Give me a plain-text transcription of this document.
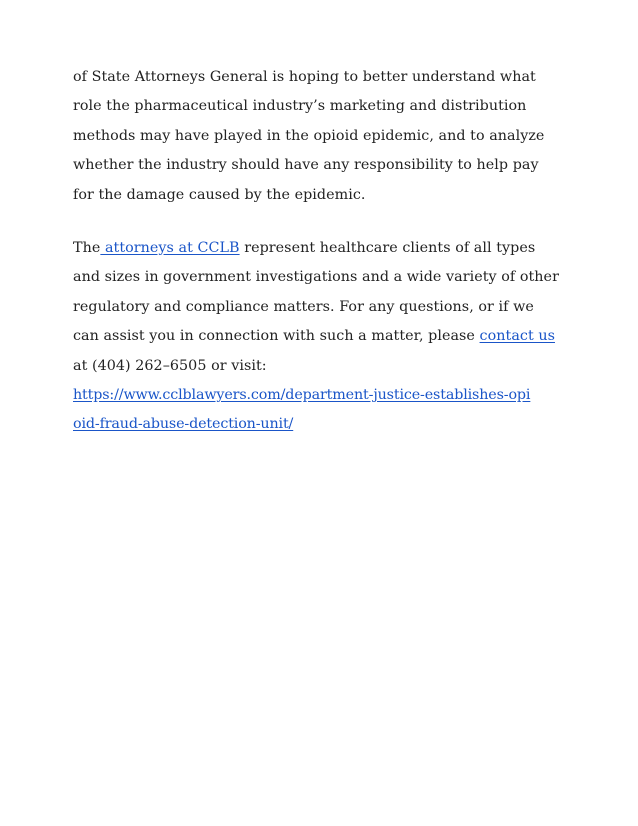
of State Attorneys General is hoping to better understand what
role the pharmaceutical industry’s marketing and distribution
methods may have played in the opioid epidemic, and to analyze
whether the industry should have any responsibility to help pay
for the damage caused by the epidemic.

The attorneys at CCLB represent healthcare clients of all types
and sizes in government investigations and a wide variety of other
regulatory and compliance matters. For any questions, or if we
can assist you in connection with such a matter, please contact us
at (404) 262–6505 or visit:
https://www.cclblawyers.com/department-justice-establishes-opi
oid-fraud-abuse-detection-unit/
